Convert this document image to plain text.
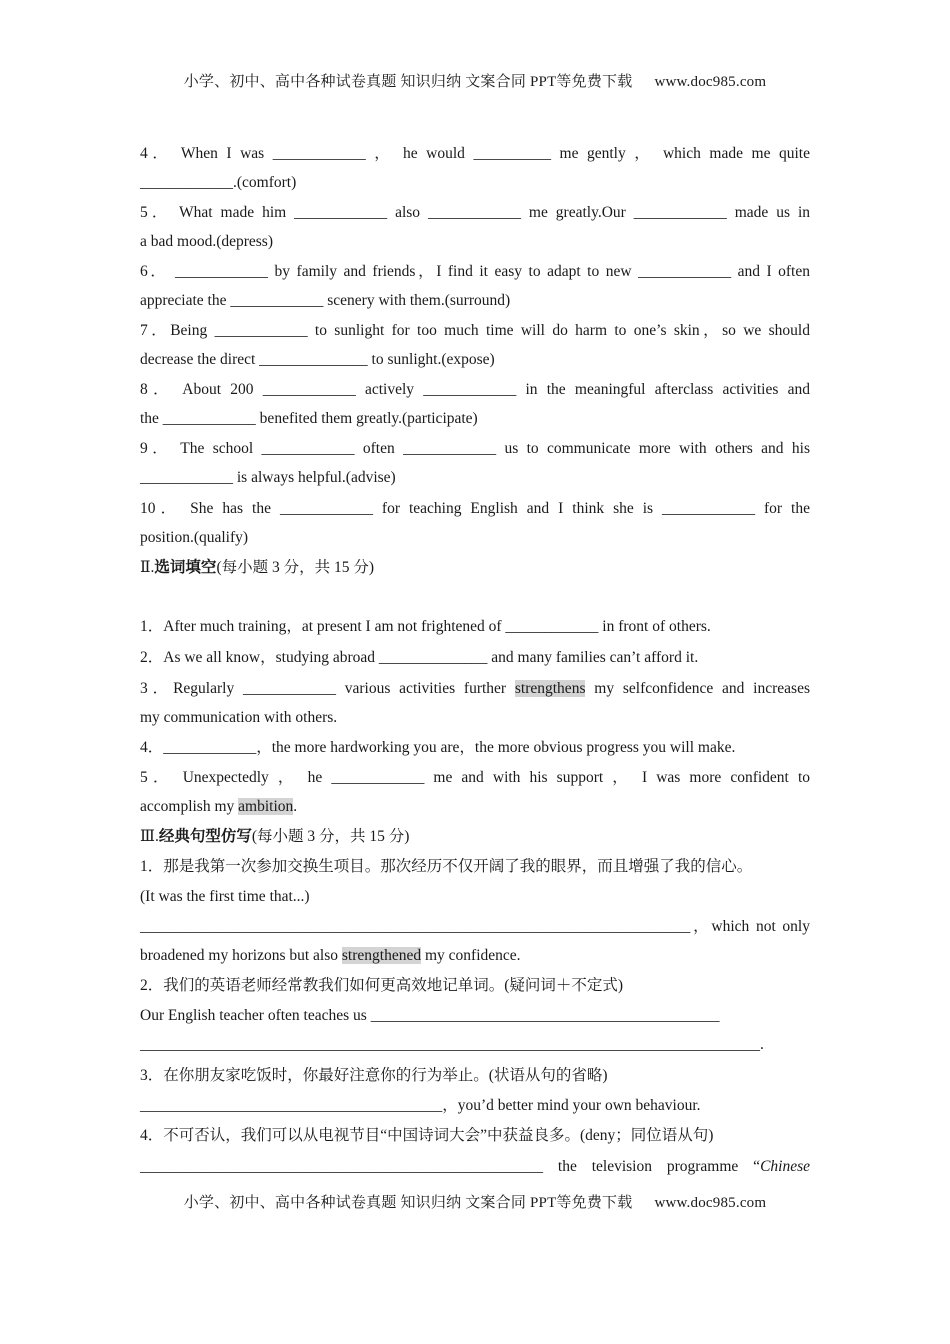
小学、初中、高中各种试卷真题 知识归纳 文案合同 PPT等免费下载 www.doc985.com
4． When I was ____________ ， he would __________ me gently ， which made me quite
____________.(comfort)
5． What made him ____________ also ____________ me greatly.Our ____________ made us in
a bad mood.(depress)
6． ____________ by family and friends，I find it easy to adapt to new ____________ and I often
appreciate the ____________ scenery with them.(surround)
7．Being ____________ to sunlight for too much time will do harm to one’s skin，so we should
decrease the direct ______________ to sunlight.(expose)
8． About 200 ____________ actively ____________ in the meaningful afterclass activities and
the ____________ benefited them greatly.(participate)
9． The school ____________ often ____________ us to communicate more with others and his
____________ is always helpful.(advise)
10． She has the ____________ for teaching English and I think she is ____________ for the
position.(qualify)
Ⅱ.选词填空(每小题 3 分，共 15 分)
1．After much training，at present I am not frightened of ____________ in front of others.
2．As we all know，studying abroad ______________ and many families can’t afford it.
3．Regularly ____________ various activities further strengthens my selfconfidence and increases
my communication with others.
4．____________，the more hardworking you are，the more obvious progress you will make.
5． Unexpectedly ， he ____________ me and with his support ， I was more confident to
accomplish my ambition.
Ⅲ.经典句型仿写(每小题 3 分，共 15 分)
1．那是我第一次参加交换生项目。那次经历不仅开阔了我的眼界，而且增强了我的信心。
(It was the first time that...)
_______________________________________________________________________，which not only
broadened my horizons but also strengthened my confidence.
2．我们的英语老师经常教我们如何更高效地记单词。(疑问词＋不定式)
Our English teacher often teaches us _____________________________________________
________________________________________________________________________________.
3．在你朋友家吃饭时，你最好注意你的行为举止。(状语从句的省略)
_______________________________________，you’d better mind your own behaviour.
4．不可否认，我们可以从电视节目“中国诗词大会”中获益良多。(deny；同位语从句)
____________________________________________________ the television programme “Chinese
小学、初中、高中各种试卷真题 知识归纳 文案合同 PPT等免费下载 www.doc985.com
